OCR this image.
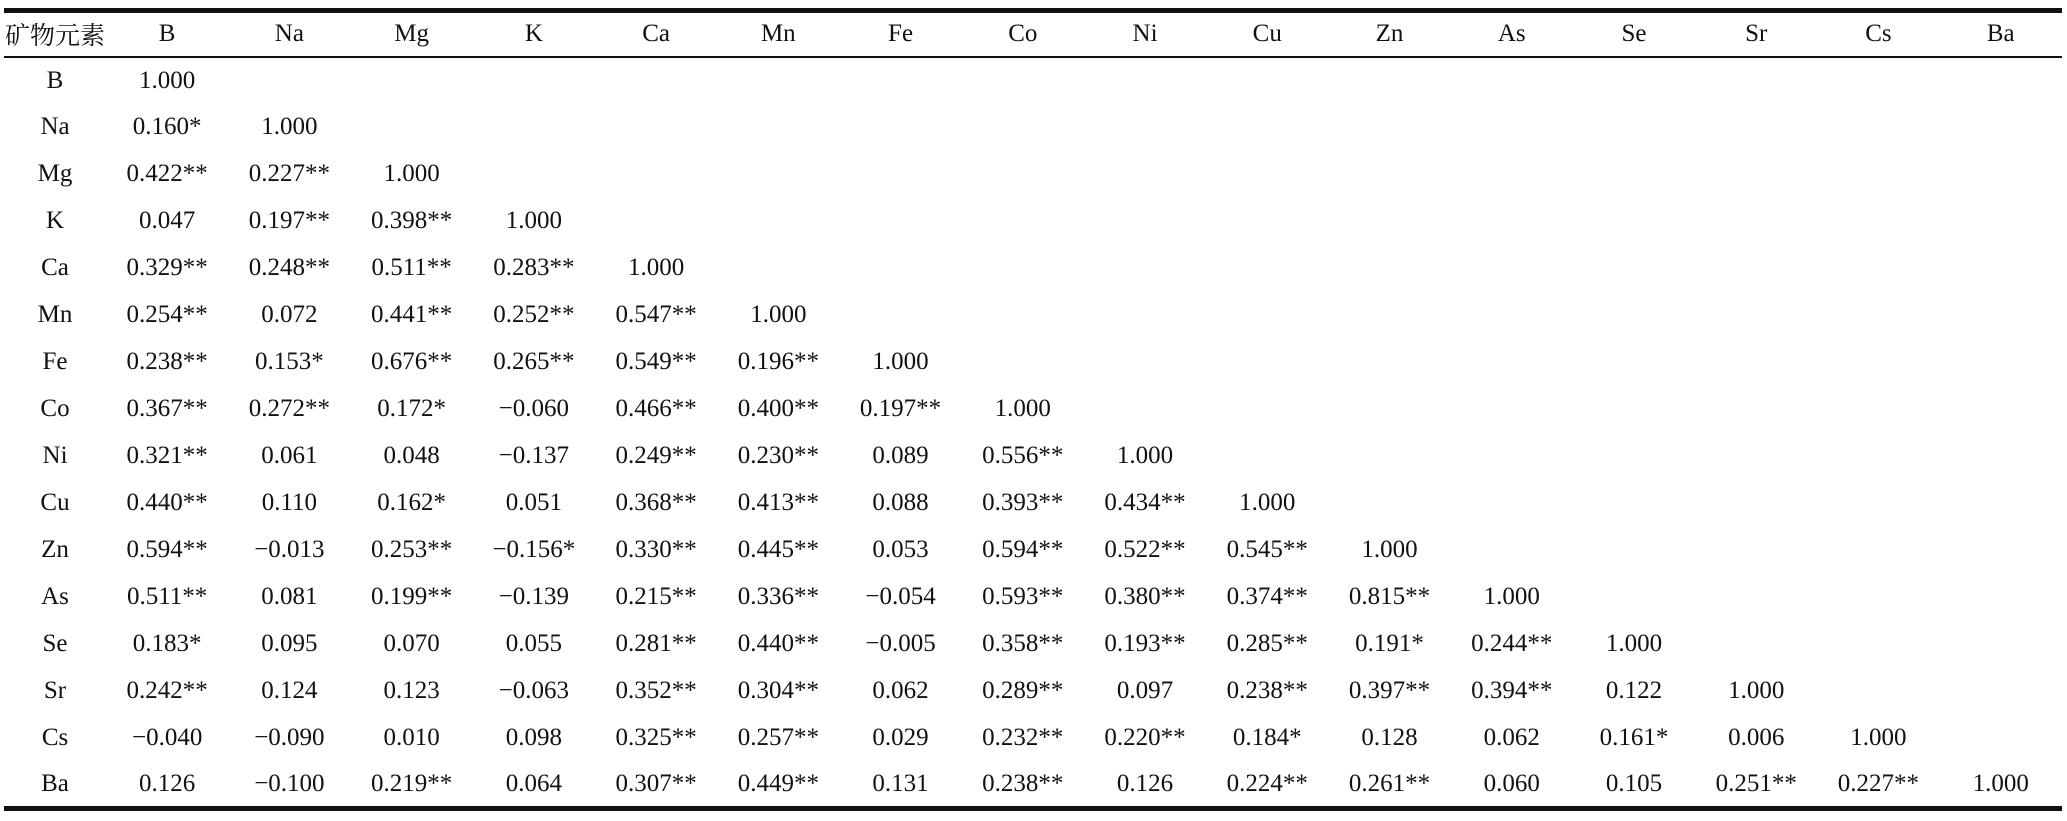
矿物元素	B	Na	Mg	K	Ca	Mn	Fe	Co	Ni	Cu	Zn	As	Se	Sr	Cs	Ba
B	1.000															
Na	0.160*	1.000														
Mg	0.422**	0.227**	1.000													
K	0.047	0.197**	0.398**	1.000												
Ca	0.329**	0.248**	0.511**	0.283**	1.000											
Mn	0.254**	0.072	0.441**	0.252**	0.547**	1.000										
Fe	0.238**	0.153*	0.676**	0.265**	0.549**	0.196**	1.000									
Co	0.367**	0.272**	0.172*	−0.060	0.466**	0.400**	0.197**	1.000								
Ni	0.321**	0.061	0.048	−0.137	0.249**	0.230**	0.089	0.556**	1.000							
Cu	0.440**	0.110	0.162*	0.051	0.368**	0.413**	0.088	0.393**	0.434**	1.000						
Zn	0.594**	−0.013	0.253**	−0.156*	0.330**	0.445**	0.053	0.594**	0.522**	0.545**	1.000					
As	0.511**	0.081	0.199**	−0.139	0.215**	0.336**	−0.054	0.593**	0.380**	0.374**	0.815**	1.000				
Se	0.183*	0.095	0.070	0.055	0.281**	0.440**	−0.005	0.358**	0.193**	0.285**	0.191*	0.244**	1.000			
Sr	0.242**	0.124	0.123	−0.063	0.352**	0.304**	0.062	0.289**	0.097	0.238**	0.397**	0.394**	0.122	1.000		
Cs	−0.040	−0.090	0.010	0.098	0.325**	0.257**	0.029	0.232**	0.220**	0.184*	0.128	0.062	0.161*	0.006	1.000	
Ba	0.126	−0.100	0.219**	0.064	0.307**	0.449**	0.131	0.238**	0.126	0.224**	0.261**	0.060	0.105	0.251**	0.227**	1.000
